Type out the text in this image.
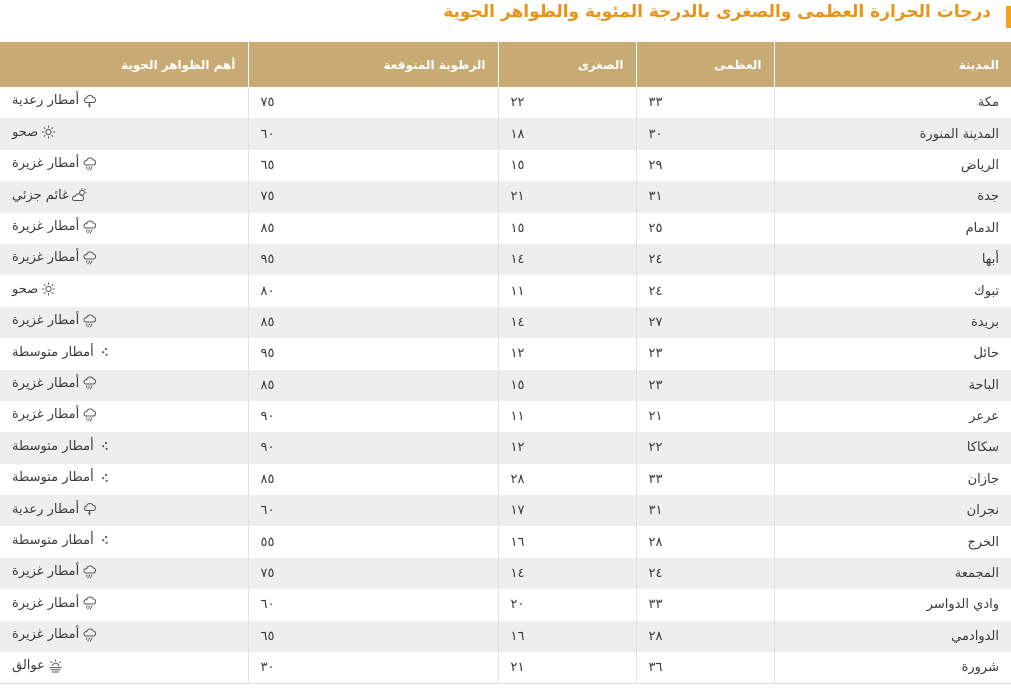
درجات الحرارة العظمى والصغرى بالدرجة المئوية والظواهر الجوية
المدينة	العظمى	الصغرى	الرطوبة المتوقعة	أهم الظواهر الجوية
مكة	٣٣	٢٢	٧٥	أمطار رعدية

المدينة المنورة	٣٠	١٨	٦٠	صحو

الرياض	٢٩	١٥	٦٥	أمطار غزيرة

جدة	٣١	٢١	٧٥	غائم جزئي

الدمام	٢٥	١٥	٨٥	أمطار غزيرة

أبها	٢٤	١٤	٩٥	أمطار غزيرة

تبوك	٢٤	١١	٨٠	صحو

بريدة	٢٧	١٤	٨٥	أمطار غزيرة

حائل	٢٣	١٢	٩٥	أمطار متوسطة

الباحة	٢٣	١٥	٨٥	أمطار غزيرة

عرعر	٢١	١١	٩٠	أمطار غزيرة

سكاكا	٢٢	١٢	٩٠	أمطار متوسطة

جازان	٣٣	٢٨	٨٥	أمطار متوسطة

نجران	٣١	١٧	٦٠	أمطار رعدية

الخرج	٢٨	١٦	٥٥	أمطار متوسطة

المجمعة	٢٤	١٤	٧٥	أمطار غزيرة

وادي الدواسر	٣٣	٢٠	٦٠	أمطار غزيرة

الدوادمي	٢٨	١٦	٦٥	أمطار غزيرة

شرورة	٣٦	٢١	٣٠	عوالق
